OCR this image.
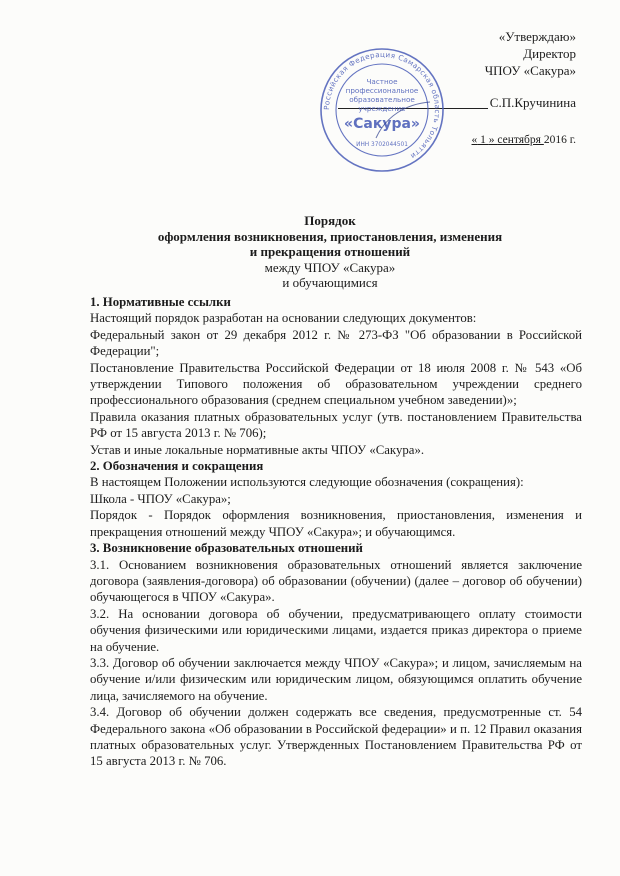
«Утверждаю»
Директор
ЧПОУ «Сакура»
С.П.Кручинина
« 1 » сентября 2016 г.
Российская Федерация Самарская область Тольятти
Частное
профессиональное
образовательное
учреждение
«Сакура»
ИНН 3702044501
Порядок
оформления возникновения, приостановления, изменения
и прекращения отношений
между ЧПОУ «Сакура»
и обучающимися
1. Нормативные ссылки

Настоящий порядок разработан на основании следующих документов:

Федеральный закон от 29 декабря 2012 г. № 273-ФЗ "Об образовании в Российской Федерации";

Постановление Правительства Российской Федерации от 18 июля 2008 г. № 543 «Об утверждении Типового положения об образовательном учреждении среднего профессионального образования (среднем специальном учебном заведении)»;

Правила оказания платных образовательных услуг (утв. постановлением Правительства РФ от 15 августа 2013 г. № 706);

Устав и иные локальные нормативные акты ЧПОУ «Сакура».

2. Обозначения и сокращения

В настоящем Положении используются следующие обозначения (сокращения):

Школа - ЧПОУ «Сакура»;

Порядок - Порядок оформления возникновения, приостановления, изменения и прекращения отношений между ЧПОУ «Сакура»; и обучающимся.

3. Возникновение образовательных отношений

3.1. Основанием возникновения образовательных отношений является заключение договора (заявления-договора) об образовании (обучении) (далее – договор об обучении) обучающегося в ЧПОУ «Сакура».

3.2. На основании договора об обучении, предусматривающего оплату стоимости обучения физическими или юридическими лицами, издается приказ директора о приеме на обучение.

3.3. Договор об обучении заключается между ЧПОУ «Сакура»; и лицом, зачисляемым на обучение и/или физическим или юридическим лицом, обязующимся оплатить обучение лица, зачисляемого на обучение.

3.4. Договор об обучении должен содержать все сведения, предусмотренные ст. 54 Федерального закона «Об образовании в Российской федерации» и п. 12 Правил оказания платных образовательных услуг. Утвержденных Постановлением Правительства РФ от 15 августа 2013 г. № 706.
